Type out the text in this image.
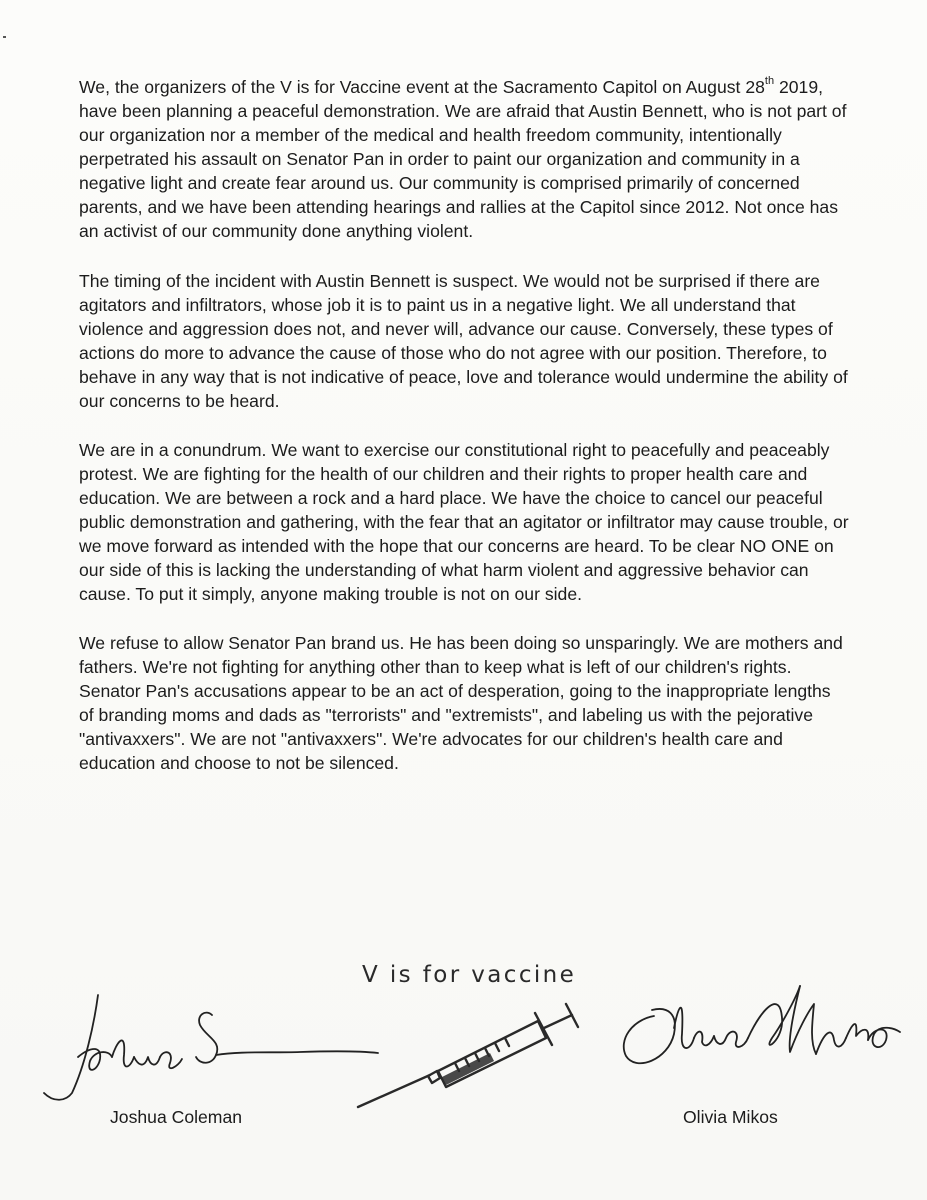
We, the organizers of the V is for Vaccine event at the Sacramento Capitol on August 28th 2019, have been planning a peaceful demonstration. We are afraid that Austin Bennett, who is not part of our organization nor a member of the medical and health freedom community, intentionally perpetrated his assault on Senator Pan in order to paint our organization and community in a negative light and create fear around us. Our community is comprised primarily of concerned parents, and we have been attending hearings and rallies at the Capitol since 2012. Not once has an activist of our community done anything violent.

The timing of the incident with Austin Bennett is suspect. We would not be surprised if there are agitators and infiltrators, whose job it is to paint us in a negative light. We all understand that violence and aggression does not, and never will, advance our cause. Conversely, these types of actions do more to advance the cause of those who do not agree with our position. Therefore, to behave in any way that is not indicative of peace, love and tolerance would undermine the ability of our concerns to be heard.

We are in a conundrum. We want to exercise our constitutional right to peacefully and peaceably protest. We are fighting for the health of our children and their rights to proper health care and education. We are between a rock and a hard place. We have the choice to cancel our peaceful public demonstration and gathering, with the fear that an agitator or infiltrator may cause trouble, or we move forward as intended with the hope that our concerns are heard. To be clear NO ONE on our side of this is lacking the understanding of what harm violent and aggressive behavior can cause. To put it simply, anyone making trouble is not on our side.

We refuse to allow Senator Pan brand us. He has been doing so unsparingly. We are mothers and fathers. We're not fighting for anything other than to keep what is left of our children's rights. Senator Pan's accusations appear to be an act of desperation, going to the inappropriate lengths of branding moms and dads as "terrorists" and "extremists", and labeling us with the pejorative "antivaxxers". We are not "antivaxxers". We're advocates for our children's health care and education and choose to not be silenced.

V is for vaccine
Joshua Coleman	Olivia Mikos
